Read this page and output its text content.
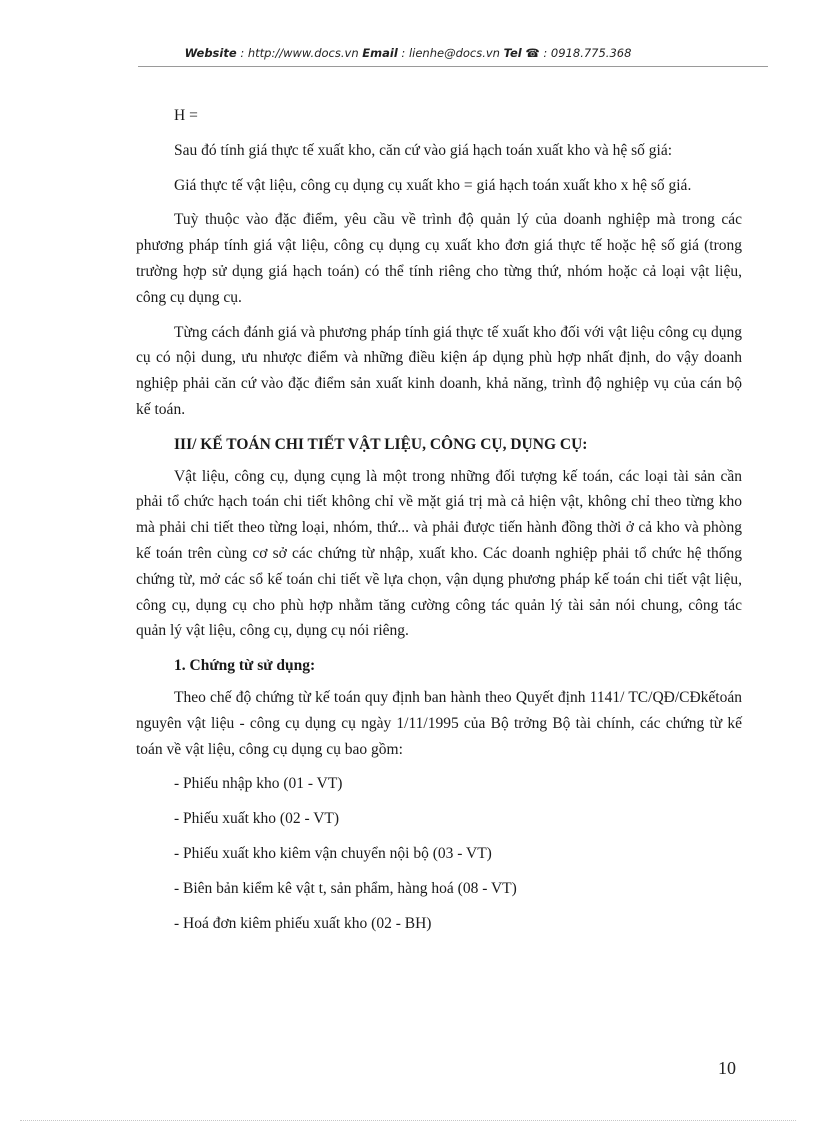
Website : http://www.docs.vn Email : lienhe@docs.vn Tel ☎ : 0918.775.368

H =

Sau đó tính giá thực tế xuất kho, căn cứ vào giá hạch toán xuất kho và hệ số giá:

Giá thực tế vật liệu, công cụ dụng cụ xuất kho = giá hạch toán xuất kho x hệ số giá.

Tuỳ thuộc vào đặc điểm, yêu cầu về trình độ quản lý của doanh nghiệp mà trong các phương pháp tính giá vật liệu, công cụ dụng cụ xuất kho đơn giá thực tế hoặc hệ số giá (trong trường hợp sử dụng giá hạch toán) có thể tính riêng cho từng thứ, nhóm hoặc cả loại vật liệu, công cụ dụng cụ.

Từng cách đánh giá và phương pháp tính giá thực tế xuất kho đối với vật liệu công cụ dụng cụ có nội dung, ưu nhược điểm và những điều kiện áp dụng phù hợp nhất định, do vậy doanh nghiệp phải căn cứ vào đặc điểm sản xuất kinh doanh, khả năng, trình độ nghiệp vụ của cán bộ kế toán.

III/ KẾ TOÁN CHI TIẾT VẬT LIỆU, CÔNG CỤ, DỤNG CỤ:

Vật liệu, công cụ, dụng cụng là một trong những đối tượng kế toán, các loại tài sản cần phải tổ chức hạch toán chi tiết không chỉ về mặt giá trị mà cả hiện vật, không chỉ theo từng kho mà phải chi tiết theo từng loại, nhóm, thứ... và phải được tiến hành đồng thời ở cả kho và phòng kế toán trên cùng cơ sở các chứng từ nhập, xuất kho. Các doanh nghiệp phải tổ chức hệ thống chứng từ, mở các sổ kế toán chi tiết về lựa chọn, vận dụng phương pháp kế toán chi tiết vật liệu, công cụ, dụng cụ cho phù hợp nhằm tăng cường công tác quản lý tài sản nói chung, công tác quản lý vật liệu, công cụ, dụng cụ nói riêng.

1. Chứng từ sử dụng:

Theo chế độ chứng từ kế toán quy định ban hành theo Quyết định 1141/ TC/QĐ/CĐkếtoán nguyên vật liệu - công cụ dụng cụ ngày 1/11/1995 của Bộ trởng Bộ tài chính, các chứng từ kế toán về vật liệu, công cụ dụng cụ bao gồm:

- Phiếu nhập kho (01 - VT)
- Phiếu xuất kho (02 - VT)
- Phiếu xuất kho kiêm vận chuyển nội bộ (03 - VT)
- Biên bản kiểm kê vật t, sản phẩm, hàng hoá (08 - VT)
- Hoá đơn kiêm phiếu xuất kho (02 - BH)
10
